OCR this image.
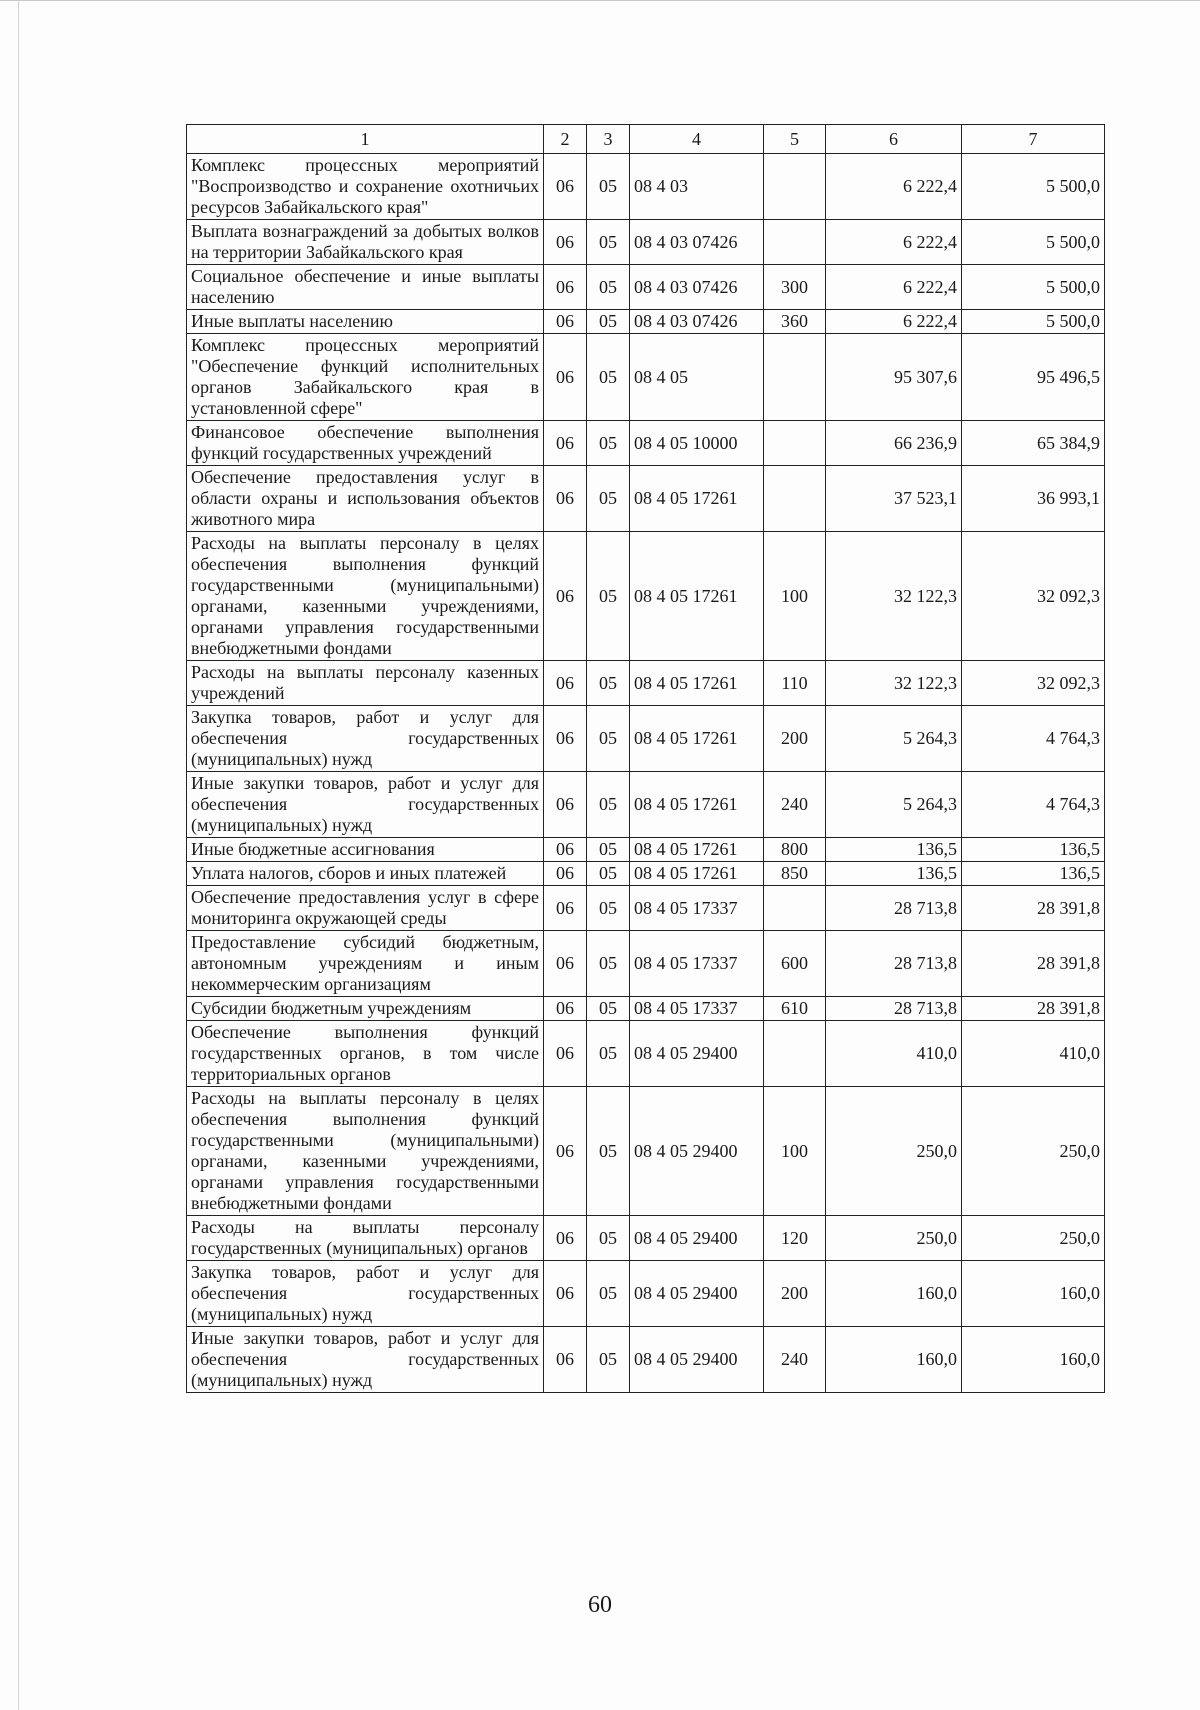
1	2	3	4	5	6	7
Комплекс процессных мероприятий "Воспроизводство и сохранение охотничьих ресурсов Забайкальского края"	06	05	08 4 03		6 222,4	5 500,0
Выплата вознаграждений за добытых волков на территории Забайкальского края	06	05	08 4 03 07426		6 222,4	5 500,0
Социальное обеспечение и иные выплаты населению	06	05	08 4 03 07426	300	6 222,4	5 500,0
Иные выплаты населению	06	05	08 4 03 07426	360	6 222,4	5 500,0
Комплекс процессных мероприятий "Обеспечение функций исполнительных органов Забайкальского края в установленной сфере"	06	05	08 4 05		95 307,6	95 496,5
Финансовое обеспечение выполнения функций государственных учреждений	06	05	08 4 05 10000		66 236,9	65 384,9
Обеспечение предоставления услуг в области охраны и использования объектов животного мира	06	05	08 4 05 17261		37 523,1	36 993,1
Расходы на выплаты персоналу в целях обеспечения выполнения функций государственными (муниципальными) органами, казенными учреждениями, органами управления государственными внебюджетными фондами	06	05	08 4 05 17261	100	32 122,3	32 092,3
Расходы на выплаты персоналу казенных учреждений	06	05	08 4 05 17261	110	32 122,3	32 092,3
Закупка товаров, работ и услуг для обеспечения государственных (муниципальных) нужд	06	05	08 4 05 17261	200	5 264,3	4 764,3
Иные закупки товаров, работ и услуг для обеспечения государственных (муниципальных) нужд	06	05	08 4 05 17261	240	5 264,3	4 764,3
Иные бюджетные ассигнования	06	05	08 4 05 17261	800	136,5	136,5
Уплата налогов, сборов и иных платежей	06	05	08 4 05 17261	850	136,5	136,5
Обеспечение предоставления услуг в сфере мониторинга окружающей среды	06	05	08 4 05 17337		28 713,8	28 391,8
Предоставление субсидий бюджетным, автономным учреждениям и иным некоммерческим организациям	06	05	08 4 05 17337	600	28 713,8	28 391,8
Субсидии бюджетным учреждениям	06	05	08 4 05 17337	610	28 713,8	28 391,8
Обеспечение выполнения функций государственных органов, в том числе территориальных органов	06	05	08 4 05 29400		410,0	410,0
Расходы на выплаты персоналу в целях обеспечения выполнения функций государственными (муниципальными) органами, казенными учреждениями, органами управления государственными внебюджетными фондами	06	05	08 4 05 29400	100	250,0	250,0
Расходы на выплаты персоналу государственных (муниципальных) органов	06	05	08 4 05 29400	120	250,0	250,0
Закупка товаров, работ и услуг для обеспечения государственных (муниципальных) нужд	06	05	08 4 05 29400	200	160,0	160,0
Иные закупки товаров, работ и услуг для обеспечения государственных (муниципальных) нужд	06	05	08 4 05 29400	240	160,0	160,0
60
